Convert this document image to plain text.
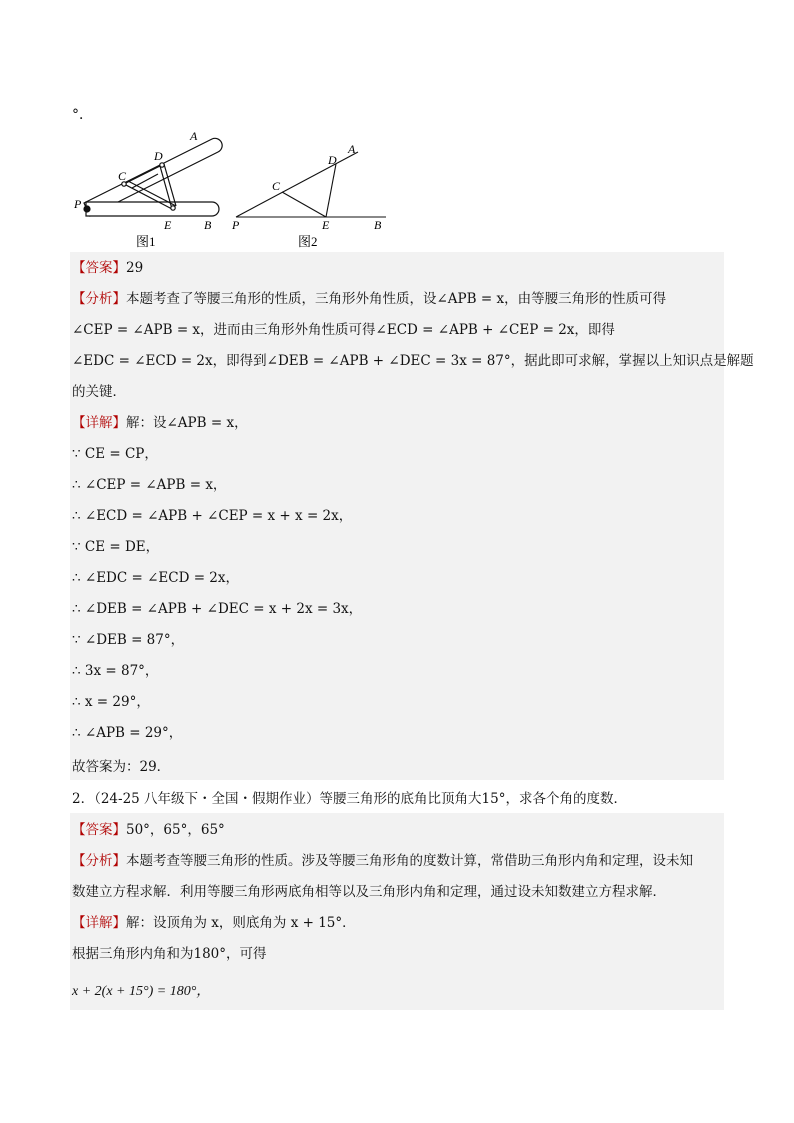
°．
A
D
C
P
E	B
图1
A
D
C
P	E	B
图2
【答案】29
【分析】本题考查了等腰三角形的性质，三角形外角性质，设∠APB = x，由等腰三角形的性质可得
∠CEP = ∠APB = x，进而由三角形外角性质可得∠ECD = ∠APB + ∠CEP = 2x，即得
∠EDC = ∠ECD = 2x，即得到∠DEB = ∠APB + ∠DEC = 3x = 87°，据此即可求解，掌握以上知识点是解题
的关键．
【详解】解：设∠APB = x，
∵ CE = CP，
∴ ∠CEP = ∠APB = x，
∴ ∠ECD = ∠APB + ∠CEP = x + x = 2x，
∵ CE = DE，
∴ ∠EDC = ∠ECD = 2x，
∴ ∠DEB = ∠APB + ∠DEC = x + 2x = 3x，
∵ ∠DEB = 87°，
∴ 3x = 87°，
∴ x = 29°，
∴ ∠APB = 29°，
故答案为：29．
2．（24-25 八年级下・全国・假期作业）等腰三角形的底角比顶角大15°，求各个角的度数．
【答案】50°，65°，65°
【分析】本题考查等腰三角形的性质。涉及等腰三角形角的度数计算，常借助三角形内角和定理，设未知
数建立方程求解．利用等腰三角形两底角相等以及三角形内角和定理，通过设未知数建立方程求解．
【详解】解：设顶角为 x，则底角为 x + 15°．
根据三角形内角和为180°，可得
x + 2(x + 15°) = 180°，
